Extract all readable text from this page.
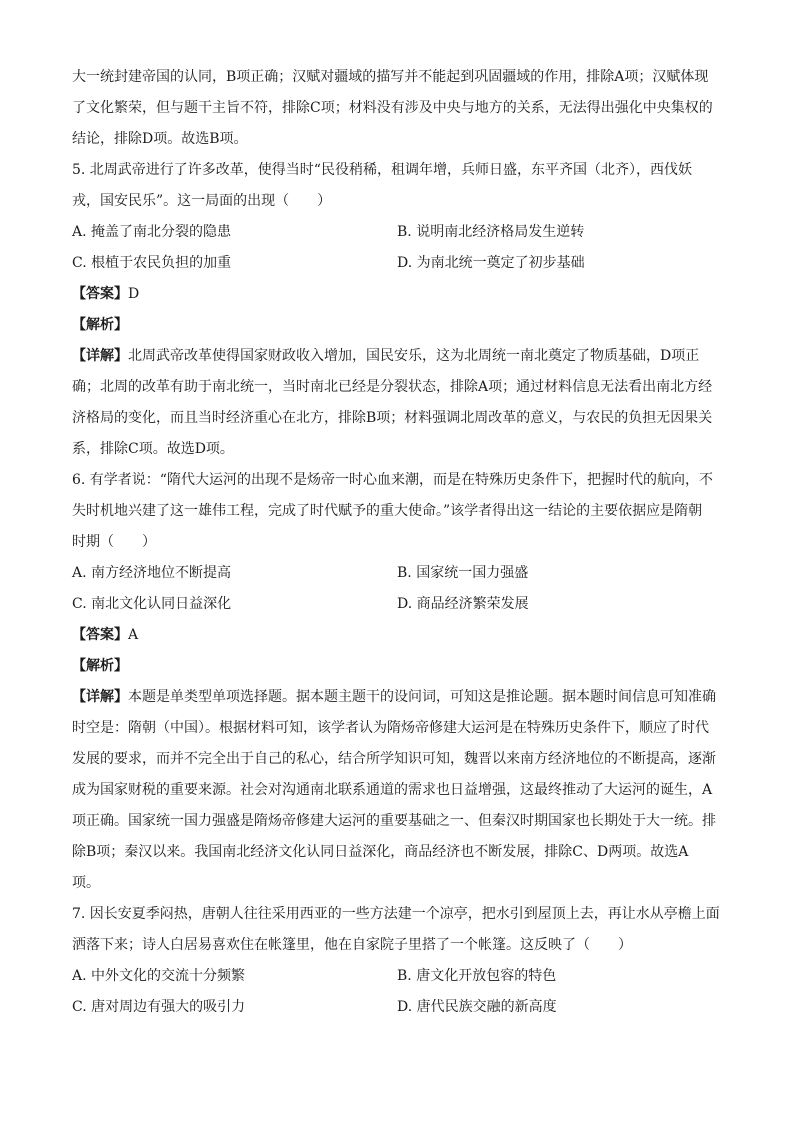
大一统封建帝国的认同，B项正确；汉赋对疆域的描写并不能起到巩固疆域的作用，排除A项；汉赋体现
了文化繁荣，但与题干主旨不符，排除C项；材料没有涉及中央与地方的关系，无法得出强化中央集权的
结论，排除D项。故选B项。
5. 北周武帝进行了许多改革，使得当时“民役稍稀，租调年增，兵师日盛，东平齐国（北齐），西伐妖
戎，国安民乐”。这一局面的出现（　　）
A. 掩盖了南北分裂的隐患	B. 说明南北经济格局发生逆转
C. 根植于农民负担的加重	D. 为南北统一奠定了初步基础
【答案】D
【解析】
【详解】北周武帝改革使得国家财政收入增加，国民安乐，这为北周统一南北奠定了物质基础，D项正
确；北周的改革有助于南北统一，当时南北已经是分裂状态，排除A项；通过材料信息无法看出南北方经
济格局的变化，而且当时经济重心在北方，排除B项；材料强调北周改革的意义，与农民的负担无因果关
系，排除C项。故选D项。
6. 有学者说：“隋代大运河的出现不是炀帝一时心血来潮，而是在特殊历史条件下，把握时代的航向，不
失时机地兴建了这一雄伟工程，完成了时代赋予的重大使命。”该学者得出这一结论的主要依据应是隋朝
时期（　　）
A. 南方经济地位不断提高	B. 国家统一国力强盛
C. 南北文化认同日益深化	D. 商品经济繁荣发展
【答案】A
【解析】
【详解】本题是单类型单项选择题。据本题主题干的设问词，可知这是推论题。据本题时间信息可知准确
时空是：隋朝（中国）。根据材料可知，该学者认为隋炀帝修建大运河是在特殊历史条件下，顺应了时代
发展的要求，而并不完全出于自己的私心，结合所学知识可知，魏晋以来南方经济地位的不断提高，逐渐
成为国家财税的重要来源。社会对沟通南北联系通道的需求也日益增强，这最终推动了大运河的诞生，A
项正确。国家统一国力强盛是隋炀帝修建大运河的重要基础之一、但秦汉时期国家也长期处于大一统。排
除B项；秦汉以来。我国南北经济文化认同日益深化，商品经济也不断发展，排除C、D两项。故选A
项。
7. 因长安夏季闷热，唐朝人往往采用西亚的一些方法建一个凉亭，把水引到屋顶上去，再让水从亭檐上面
洒落下来；诗人白居易喜欢住在帐篷里，他在自家院子里搭了一个帐篷。这反映了（　　）
A. 中外文化的交流十分频繁	B. 唐文化开放包容的特色
C. 唐对周边有强大的吸引力	D. 唐代民族交融的新高度
